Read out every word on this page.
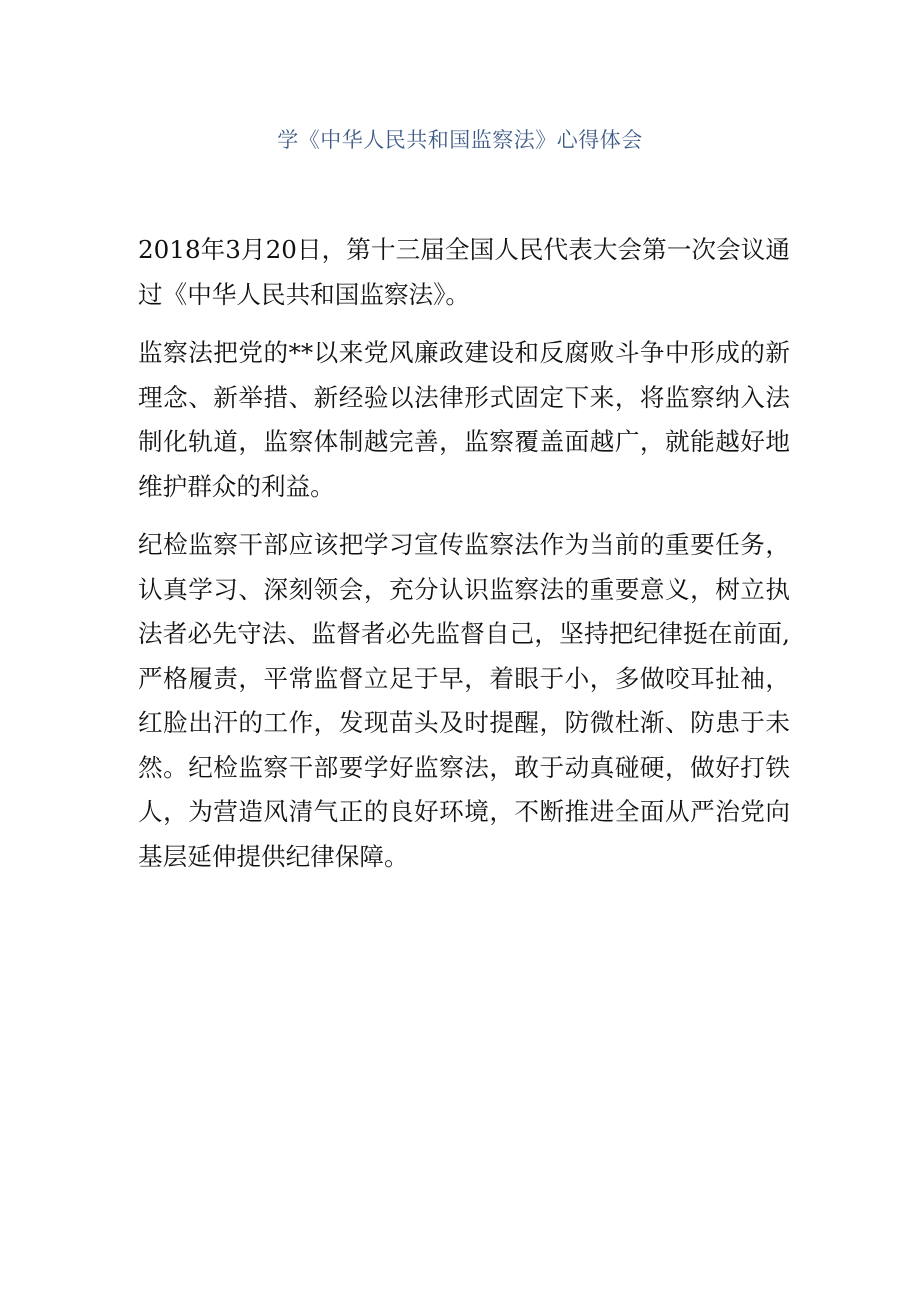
学《中华人民共和国监察法》心得体会

2018年3月20日，第十三届全国人民代表大会第一次会议通过《中华人民共和国监察法》。

监察法把党的**以来党风廉政建设和反腐败斗争中形成的新理念、新举措、新经验以法律形式固定下来，将监察纳入法制化轨道，监察体制越完善，监察覆盖面越广，就能越好地维护群众的利益。

纪检监察干部应该把学习宣传监察法作为当前的重要任务，认真学习、深刻领会，充分认识监察法的重要意义，树立执法者必先守法、监督者必先监督自己，坚持把纪律挺在前面,严格履责，平常监督立足于早，着眼于小，多做咬耳扯袖，红脸出汗的工作，发现苗头及时提醒，防微杜渐、防患于未然。纪检监察干部要学好监察法，敢于动真碰硬，做好打铁人，为营造风清气正的良好环境，不断推进全面从严治党向基层延伸提供纪律保障。
